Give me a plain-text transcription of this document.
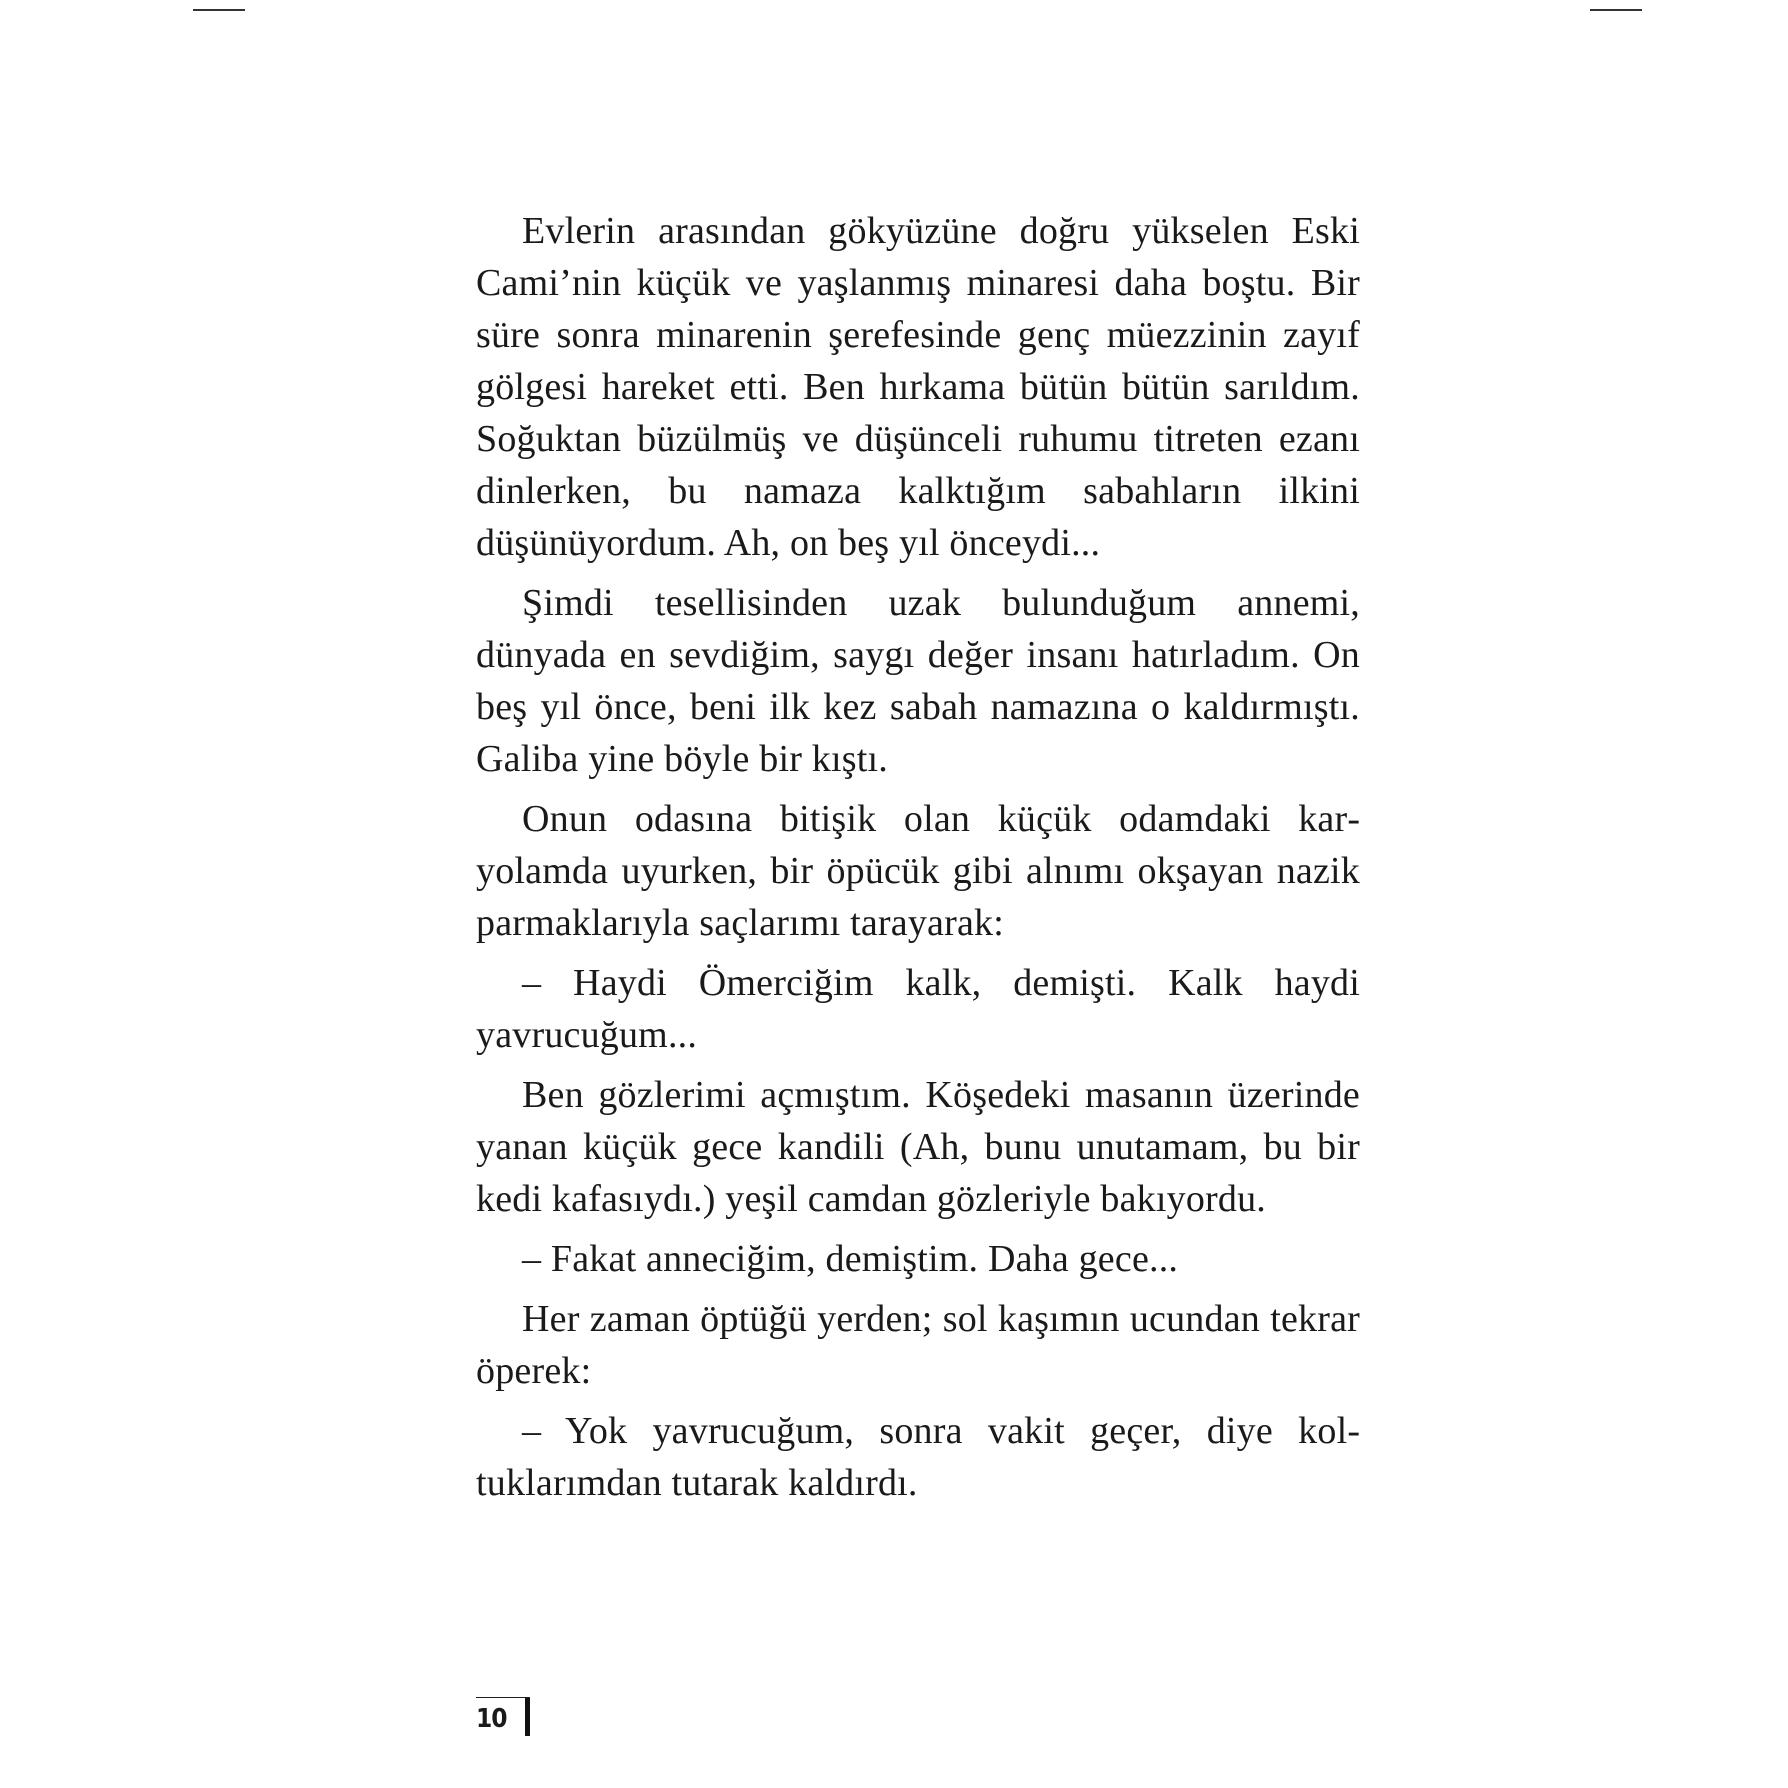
Evlerin arasından gökyüzüne doğru yükselen Eski Cami’nin küçük ve yaşlanmış minaresi daha boştu. Bir süre sonra minarenin şerefesinde genç müezzinin zayıf gölgesi hareket etti. Ben hırkama bütün bütün sarıldım. Soğuktan büzülmüş ve düşünceli ruhumu titreten ezanı dinlerken, bu namaza kalktığım sabahların ilkini düşünüyordum. Ah, on beş yıl önceydi...

Şimdi tesellisinden uzak bulunduğum annemi, dünyada en sevdiğim, saygı değer insanı hatırladım. On beş yıl önce, beni ilk kez sabah namazına o kaldırmıştı. Galiba yine böyle bir kıştı.

Onun odasına bitişik olan küçük odamdaki karyolamda uyurken, bir öpücük gibi alnımı okşayan nazik parmaklarıyla saçlarımı tarayarak:

– Haydi Ömerciğim kalk, demişti. Kalk haydi yavrucuğum...

Ben gözlerimi açmıştım. Köşedeki masanın üzerinde yanan küçük gece kandili (Ah, bunu unutamam, bu bir kedi kafasıydı.) yeşil camdan gözleriyle bakıyordu.

– Fakat anneciğim, demiştim. Daha gece...

Her zaman öptüğü yerden; sol kaşımın ucundan tekrar öperek:

– Yok yavrucuğum, sonra vakit geçer, diye koltuklarımdan tutarak kaldırdı.

10
